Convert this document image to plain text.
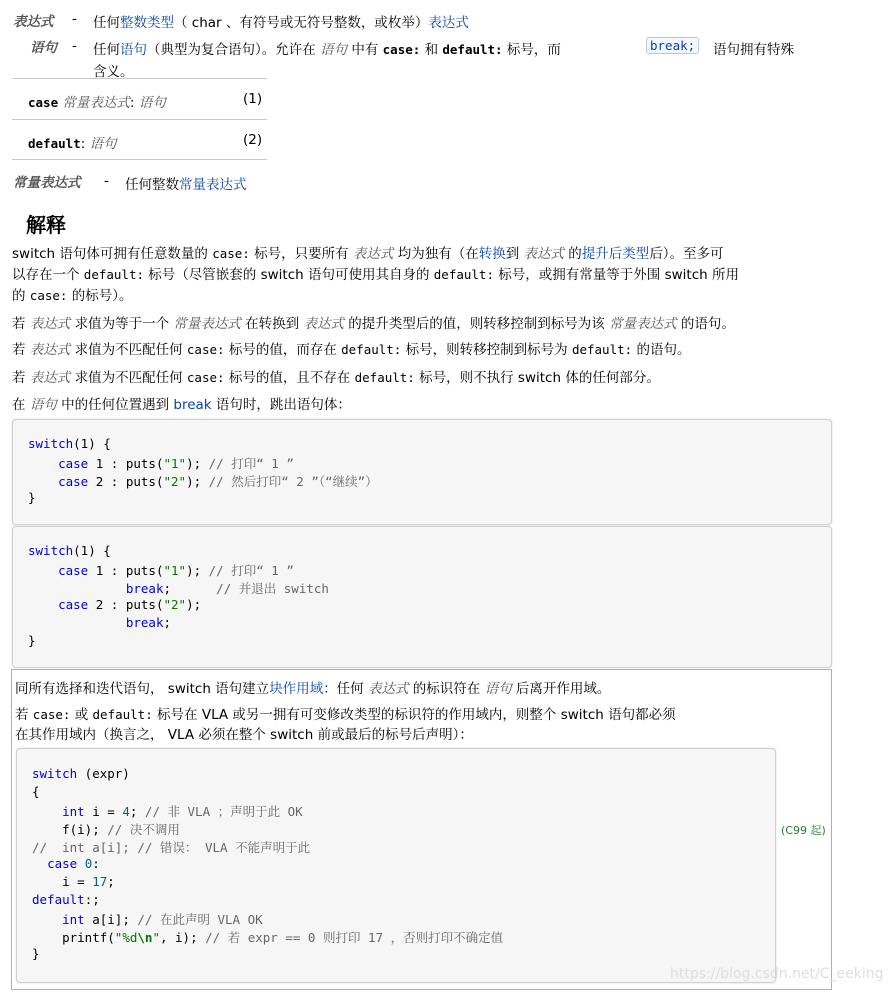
表达式 - 任何整数类型（ char 、有符号或无符号整数，或枚举）表达式
语句 - 任何语句（典型为复合语句）。允许在 语句 中有 case: 和 default: 标号，而	break; 语句拥有特殊
含义。
case 常量表达式: 语句	(1)
default: 语句	(2)
常量表达式 - 任何整数常量表达式
解释
switch 语句体可拥有任意数量的 case: 标号，只要所有 表达式 均为独有（在转换到 表达式 的提升后类型后）。至多可
以存在一个 default: 标号（尽管嵌套的 switch 语句可使用其自身的 default: 标号，或拥有常量等于外围 switch 所用
的 case: 的标号）。
若 表达式 求值为等于一个 常量表达式 在转换到 表达式 的提升类型后的值，则转移控制到标号为该 常量表达式 的语句。
若 表达式 求值为不匹配任何 case: 标号的值，而存在 default: 标号，则转移控制到标号为 default: 的语句。
若 表达式 求值为不匹配任何 case: 标号的值，且不存在 default: 标号，则不执行 switch 体的任何部分。
在 语句 中的任何位置遇到 break 语句时，跳出语句体：
switch(1) {
case 1 : puts("1"); // 打印“ 1 ”
case 2 : puts("2"); // 然后打印“ 2 ”（“继续”）
}
switch(1) {
case 1 : puts("1"); // 打印“ 1 ”
break;      // 并退出 switch
case 2 : puts("2");
break;
}
同所有选择和迭代语句， switch 语句建立块作用域：任何 表达式 的标识符在 语句 后离开作用域。
若 case: 或 default: 标号在 VLA 或另一拥有可变修改类型的标识符的作用域内，则整个 switch 语句都必须
在其作用域内（换言之， VLA 必须在整个 switch 前或最后的标号后声明）：
switch (expr)
{
int i = 4; // 非 VLA ；声明于此 OK
f(i); // 决不调用
//  int a[i]; // 错误： VLA 不能声明于此
case 0:
i = 17;
default:;
int a[i]; // 在此声明 VLA OK
printf("%d\n", i); // 若 expr == 0 则打印 17 ，否则打印不确定值
}
(C99 起)
https://blog.csdn.net/C_eeking
